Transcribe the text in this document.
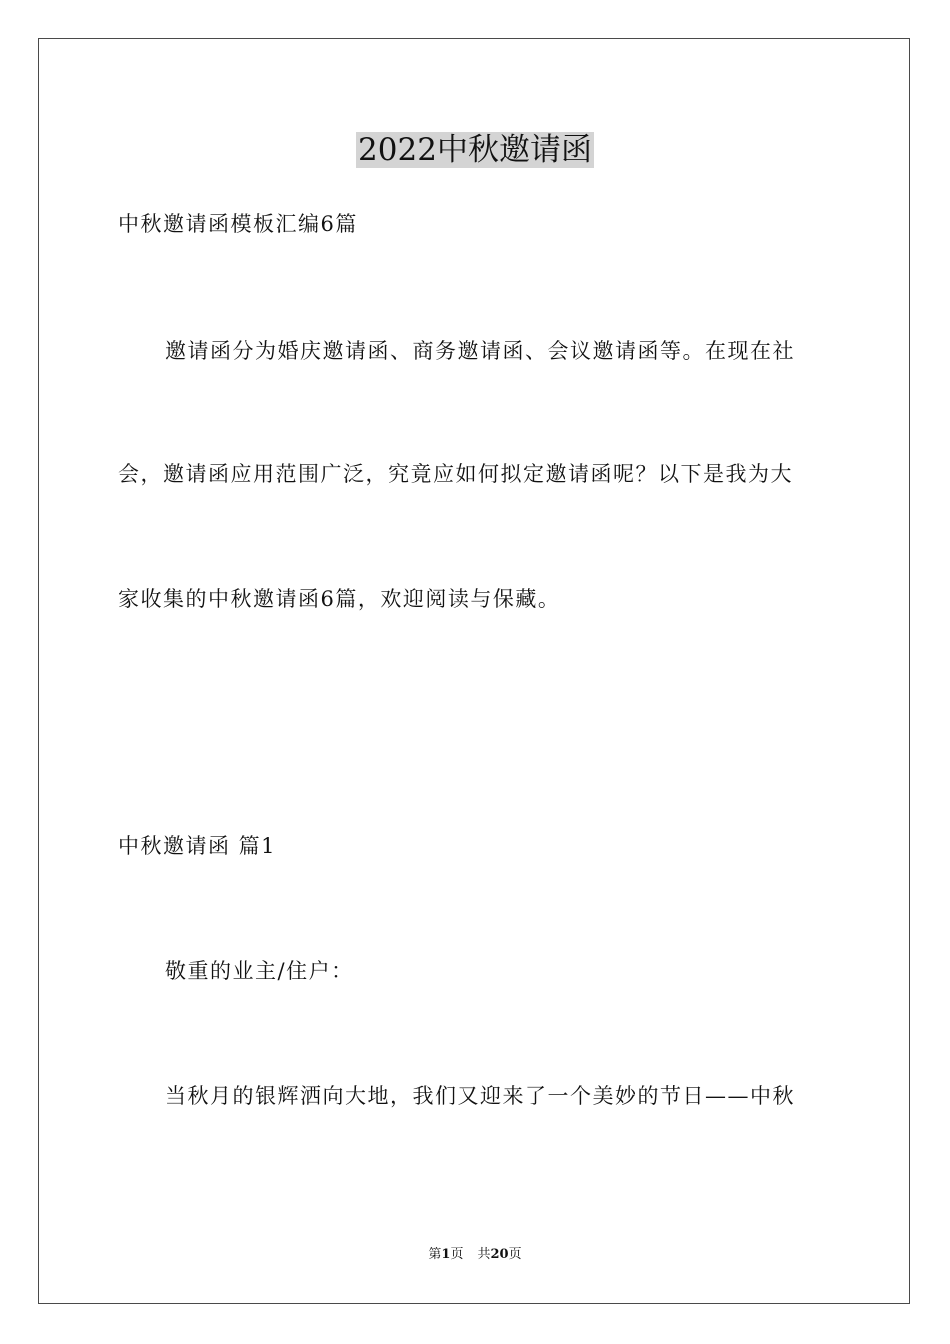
2022中秋邀请函

中秋邀请函模板汇编6篇

邀请函分为婚庆邀请函、商务邀请函、会议邀请函等。在现在社

会，邀请函应用范围广泛，究竟应如何拟定邀请函呢？以下是我为大

家收集的中秋邀请函6篇，欢迎阅读与保藏。

中秋邀请函 篇1

敬重的业主/住户：

当秋月的银辉洒向大地，我们又迎来了一个美妙的节日——中秋

第1页 共20页
